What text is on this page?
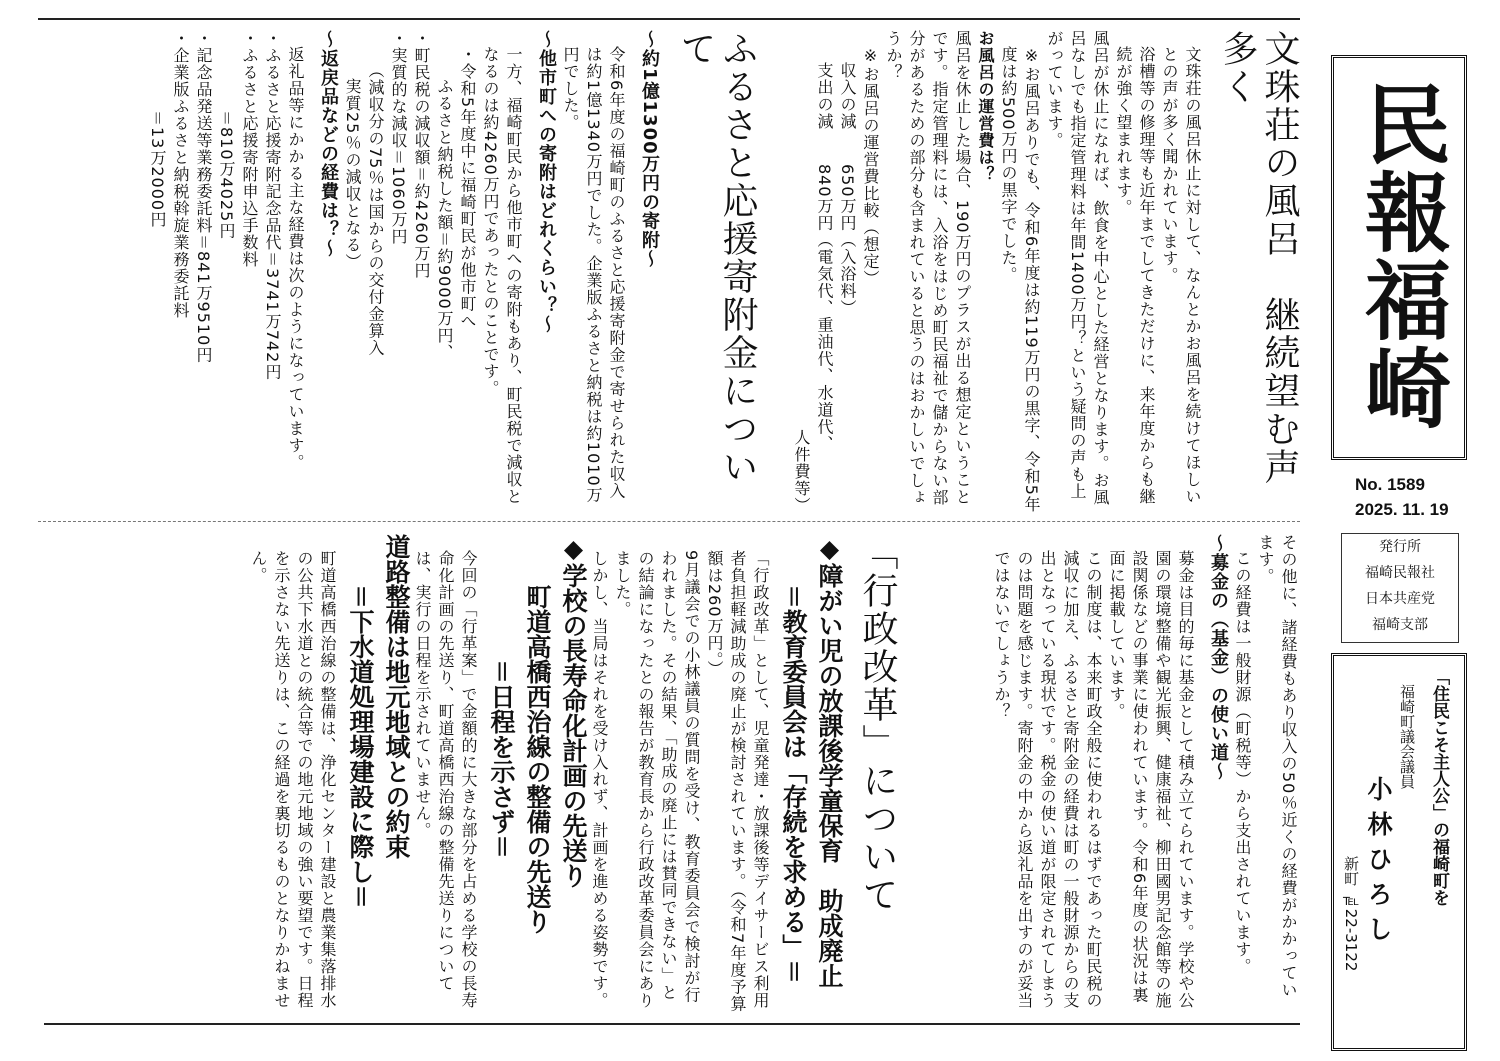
民報福崎
No. 1589
2025. 11. 19
発行所
福崎民報社
日本共産党
福崎支部
「住民こそ主人公」の福崎町を
福崎町議会議員
小林ひろし
新町 ℡22-3122
文珠荘の風呂　継続望む声多く

文珠荘の風呂休止に対して、なんとかお風呂を続けてほしいとの声が多く聞かれています。

浴槽等の修理等も近年までしてきただけに、来年度からも継続が強く望まれます。

風呂が休止になれば、飲食を中心とした経営となります。お風呂なしでも指定管理料は年間1400万円？という疑問の声も上がっています。

※お風呂ありでも、令和6年度は約119万円の黒字、令和5年度は約500万円の黒字でした。

お風呂の運営費は？

風呂を休止した場合、190万円のプラスが出る想定ということです。指定管理料には、入浴をはじめ町民福祉で儲からない部分があるための部分も含まれていると思うのはおかしいでしょうか？

※お風呂の運営費比較（想定）

収入の減　　650万円（入浴料）

支出の減　　840万円（電気代、重油代、水道代、

人件費等）

ふるさと応援寄附金について
～約1億1300万円の寄附～

令和6年度の福崎町のふるさと応援寄附金で寄せられた収入は約1億1340万円でした。企業版ふるさと納税は約1010万円でした。

～他市町への寄附はどれくらい？～

一方、福崎町民から他市町への寄附もあり、町民税で減収となるのは約4260万円であったとのことです。

・令和5年度中に福崎町民が他市町へ

ふるさと納税した額＝約9000万円、

・町民税の減収額＝約4260万円

・実質的な減収＝1060万円

（減収分の75％は国からの交付金算入

実質25％の減収となる）

～返戻品などの経費は？～

返礼品等にかかる主な経費は次のようになっています。

・ふるさと応援寄附記念品代＝3741万742円

・ふるさと応援寄附申込手数料

＝810万4025円

・記念品発送等業務委託料＝841万9510円

・企業版ふるさと納税斡旋業務委託料

＝13万2000円

その他に、諸経費もあり収入の50％近くの経費がかかっています。

この経費は一般財源（町税等）から支出されています。

～募金の（基金）の使い道～

募金は目的毎に基金として積み立てられています。学校や公園の環境整備や観光振興、健康福祉、柳田國男記念館等の施設関係などの事業に使われています。令和6年度の状況は裏面に掲載しています。

この制度は、本来町政全般に使われるはずであった町民税の減収に加え、ふるさと寄附金の経費は町の一般財源からの支出となっている現状です。税金の使い道が限定されてしまうのは問題を感じます。寄附金の中から返礼品を出すのが妥当ではないでしょうか？

「行政改革」について
◆障がい児の放課後学童保育　助成廃止
＝教育委員会は「存続を求める」＝

「行政改革」として、児童発達・放課後等デイサービス利用者負担軽減助成の廃止が検討されています。（令和7年度予算額は260万円。）

9月議会での小林議員の質問を受け、教育委員会で検討が行われました。その結果、「助成の廃止には賛同できない」との結論になったとの報告が教育長から行政改革委員会にありました。

しかし、当局はそれを受け入れず、計画を進める姿勢です。

◆学校の長寿命化計画の先送り
町道高橋西治線の整備の先送り
＝日程を示さず＝

今回の「行革案」で金額的に大きな部分を占める学校の長寿命化計画の先送り、町道高橋西治線の整備先送りについては、実行の日程を示されていません。

道路整備は地元地域との約束
＝下水道処理場建設に際し＝

町道高橋西治線の整備は、浄化センター建設と農業集落排水の公共下水道との統合等での地元地域の強い要望です。日程を示さない先送りは、この経過を裏切るものとなりかねません。
